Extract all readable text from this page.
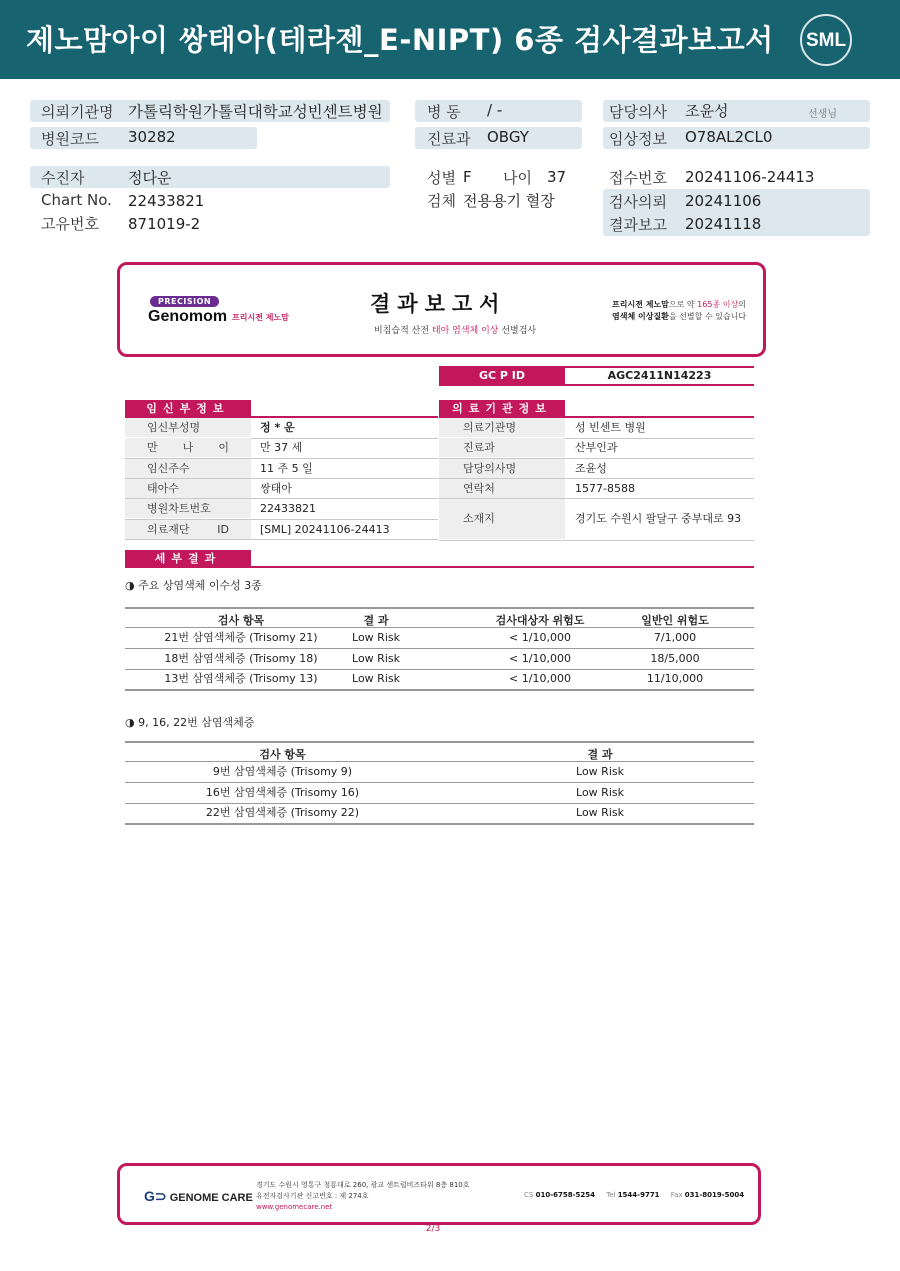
제노맘아이 쌍태아(테라젠_E-NIPT) 6종 검사결과보고서 SML
의뢰기관명 가톨릭학원가톨릭대학교성빈센트병원
병원코드 30282
수진자	정다운
Chart No. 22433821
고유번호 871019-2
병 동 / -
진료과 OBGY
성별 F 나이 37
검체 전용용기 혈장
담당의사 조윤성	선생님
임상정보 O78AL2CL0
접수번호 20241106-24413
검사의뢰 20241106
결과보고 20241118
PRECISION
Genomom 프리시젼 제노맘
결과보고서
비침습적 산전 태아 염색체 이상 선별검사
프리시젼 제노맘으로 약 165종 이상의
염색체 이상질환을 선별할 수 있습니다
GC P ID	AGC2411N14223
임신부정보
임신부성명	정 * 운
만 나 이	만 37 세
임신주수	11 주 5 일
태아수	쌍태아
병원차트번호	22433821
의료재단 ID	[SML] 20241106-24413
의료기관정보
의료기관명	성 빈센트 병원
진료과	산부인과
담당의사명	조윤성
연락처	1577-8588
소재지	경기도 수원시 팔달구 중부대로 93
세부결과
◑ 주요 상염색체 이수성 3종
검사 항목	결 과	검사대상자 위험도	일반인 위험도
21번 삼염색체증 (Trisomy 21)	Low Risk	< 1/10,000	7/1,000
18번 삼염색체증 (Trisomy 18)	Low Risk	< 1/10,000	18/5,000
13번 삼염색체증 (Trisomy 13)	Low Risk	< 1/10,000	11/10,000
◑ 9, 16, 22번 삼염색체증
검사 항목	결 과
9번 삼염색체증 (Trisomy 9)	Low Risk
16번 삼염색체증 (Trisomy 16)	Low Risk
22번 삼염색체증 (Trisomy 22)	Low Risk
G⊃ GENOME CARE
경기도 수원시 영통구 청룡대로 260, 광교 센트럴비즈타워 8층 810호
유전자검사기관 신고번호 : 제 274호
www.genomecare.net
CS 010-6758-5254 Tel 1544-9771 Fax 031-8019-5004
2/3
